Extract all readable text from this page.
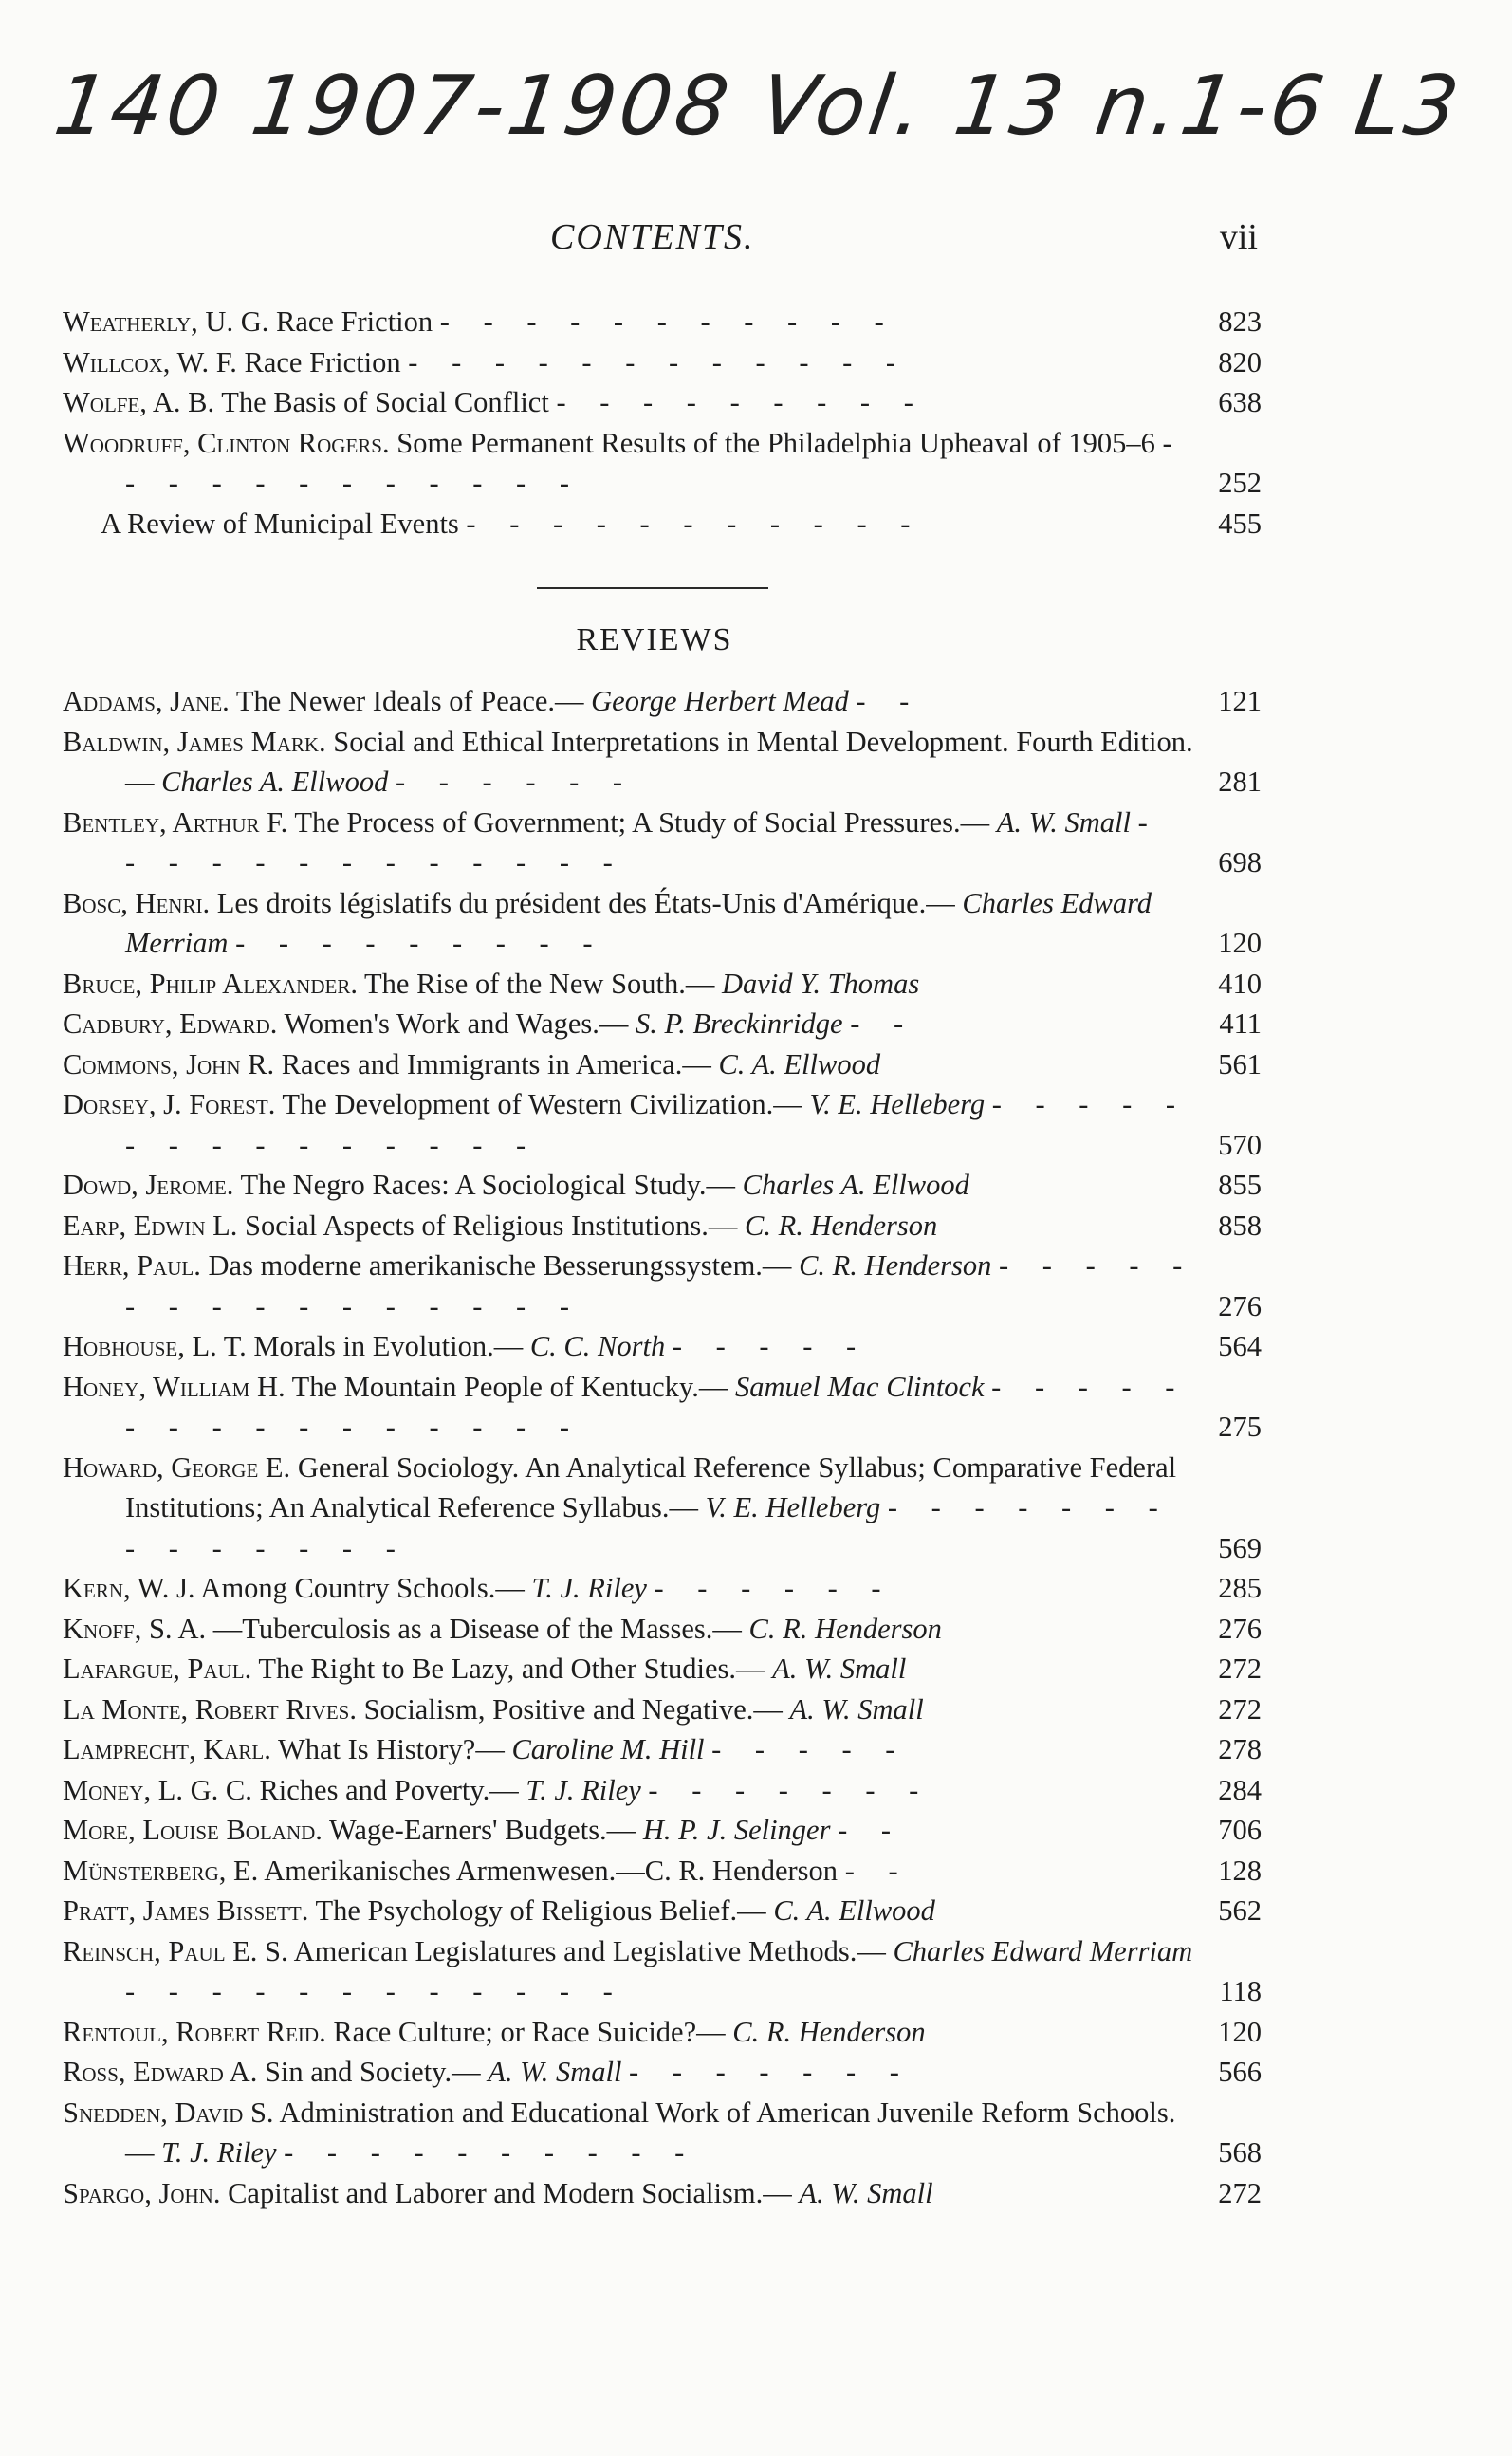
140 1907-1908 Vol. 13 n.1-6 L3
CONTENTS.	vii
Weatherly, U. G. Race Friction - - - - - - - - - - -	823
Willcox, W. F. Race Friction - - - - - - - - - - - -	820
Wolfe, A. B. The Basis of Social Conflict - - - - - - - - -	638
Woodruff, Clinton Rogers. Some Permanent Results of the Philadelphia Upheaval of 1905–6 - - - - - - - - - - - -	252
A Review of Municipal Events - - - - - - - - - - -	455
REVIEWS
Addams, Jane. The Newer Ideals of Peace.— George Herbert Mead - -	121
Baldwin, James Mark. Social and Ethical Interpretations in Mental Development. Fourth Edition.— Charles A. Ellwood - - - - - -	281
Bentley, Arthur F. The Process of Government; A Study of Social Pressures.— A. W. Small - - - - - - - - - - - - -	698
Bosc, Henri. Les droits législatifs du président des États-Unis d'Amérique.— Charles Edward Merriam - - - - - - - - -	120
Bruce, Philip Alexander. The Rise of the New South.— David Y. Thomas	410
Cadbury, Edward. Women's Work and Wages.— S. P. Breckinridge - -	411
Commons, John R. Races and Immigrants in America.— C. A. Ellwood	561
Dorsey, J. Forest. The Development of Western Civilization.— V. E. Helleberg - - - - - - - - - - - - - - -	570
Dowd, Jerome. The Negro Races: A Sociological Study.— Charles A. Ellwood	855
Earp, Edwin L. Social Aspects of Religious Institutions.— C. R. Henderson	858
Herr, Paul. Das moderne amerikanische Besserungssystem.— C. R. Henderson - - - - - - - - - - - - - - - -	276
Hobhouse, L. T. Morals in Evolution.— C. C. North - - - - -	564
Honey, William H. The Mountain People of Kentucky.— Samuel Mac Clintock - - - - - - - - - - - - - - - -	275
Howard, George E. General Sociology. An Analytical Reference Syllabus; Comparative Federal Institutions; An Analytical Reference Syllabus.— V. E. Helleberg - - - - - - - - - - - - - -	569
Kern, W. J. Among Country Schools.— T. J. Riley - - - - - -	285
Knoff, S. A. —Tuberculosis as a Disease of the Masses.— C. R. Henderson	276
Lafargue, Paul. The Right to Be Lazy, and Other Studies.— A. W. Small	272
La Monte, Robert Rives. Socialism, Positive and Negative.— A. W. Small	272
Lamprecht, Karl. What Is History?— Caroline M. Hill - - - - -	278
Money, L. G. C. Riches and Poverty.— T. J. Riley - - - - - - -	284
More, Louise Boland. Wage-Earners' Budgets.— H. P. J. Selinger - -	706
Münsterberg, E. Amerikanisches Armenwesen.—C. R. Henderson - -	128
Pratt, James Bissett. The Psychology of Religious Belief.— C. A. Ellwood	562
Reinsch, Paul E. S. American Legislatures and Legislative Methods.— Charles Edward Merriam - - - - - - - - - - - -	118
Rentoul, Robert Reid. Race Culture; or Race Suicide?— C. R. Henderson	120
Ross, Edward A. Sin and Society.— A. W. Small - - - - - - -	566
Snedden, David S. Administration and Educational Work of American Juvenile Reform Schools.— T. J. Riley - - - - - - - - - -	568
Spargo, John. Capitalist and Laborer and Modern Socialism.— A. W. Small	272
